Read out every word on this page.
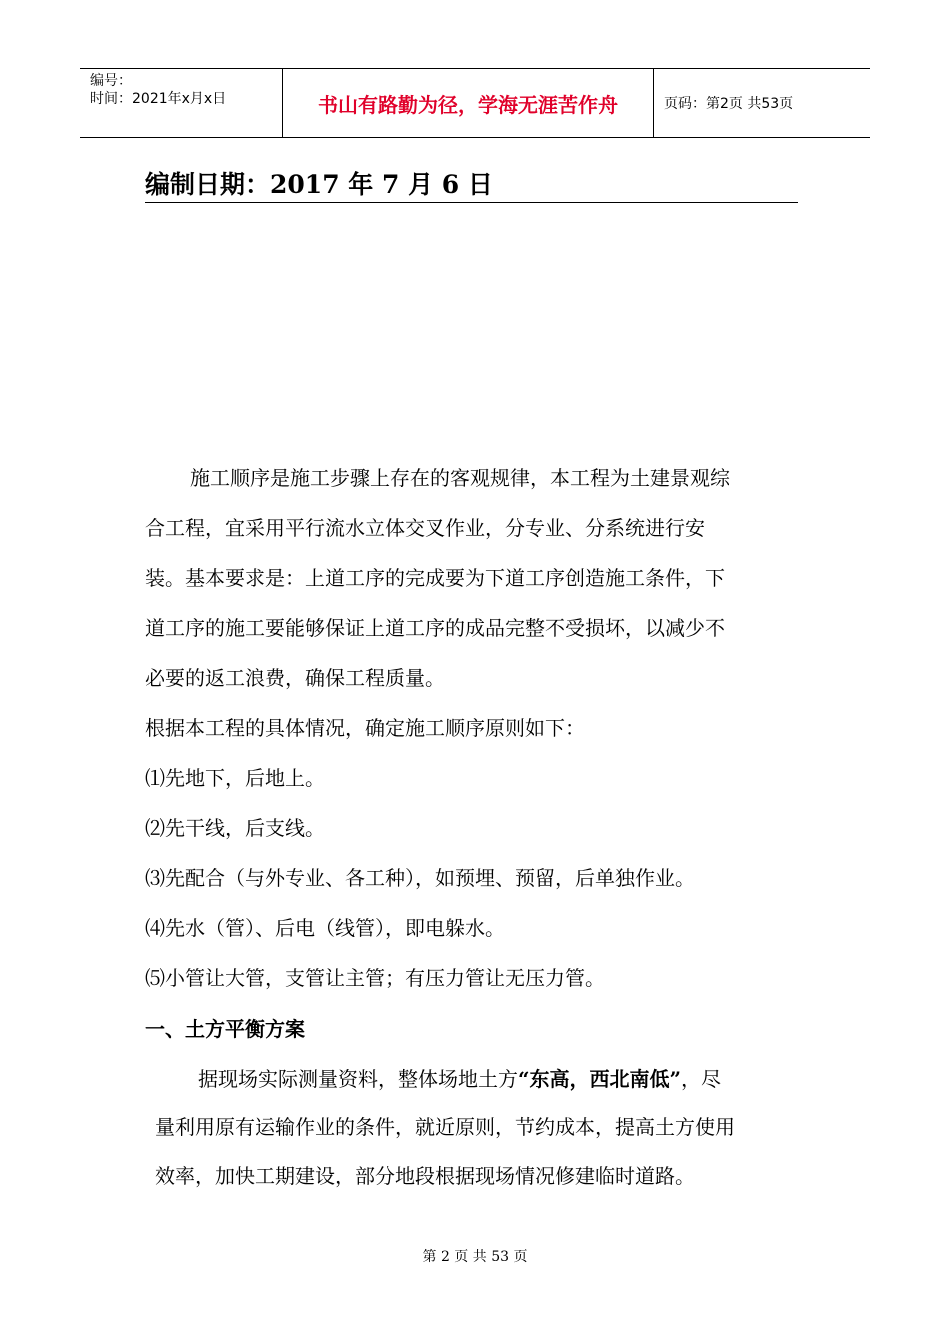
编号：
时间：2021年x月x日	书山有路勤为径，学海无涯苦作舟	页码：第2页 共53页
编制日期：2017 年 7 月 6 日
施工顺序是施工步骤上存在的客观规律，本工程为土建景观综
合工程，宜采用平行流水立体交叉作业，分专业、分系统进行安
装。基本要求是：上道工序的完成要为下道工序创造施工条件，下
道工序的施工要能够保证上道工序的成品完整不受损坏，以减少不
必要的返工浪费，确保工程质量。
根据本工程的具体情况，确定施工顺序原则如下：
⑴先地下，后地上。
⑵先干线，后支线。
⑶先配合（与外专业、各工种），如预埋、预留，后单独作业。
⑷先水（管）、后电（线管），即电躲水。
⑸小管让大管，支管让主管；有压力管让无压力管。
一、土方平衡方案
据现场实际测量资料，整体场地土方“东高，西北南低”，尽
量利用原有运输作业的条件，就近原则，节约成本，提高土方使用
效率，加快工期建设，部分地段根据现场情况修建临时道路。
第 2 页 共 53 页
